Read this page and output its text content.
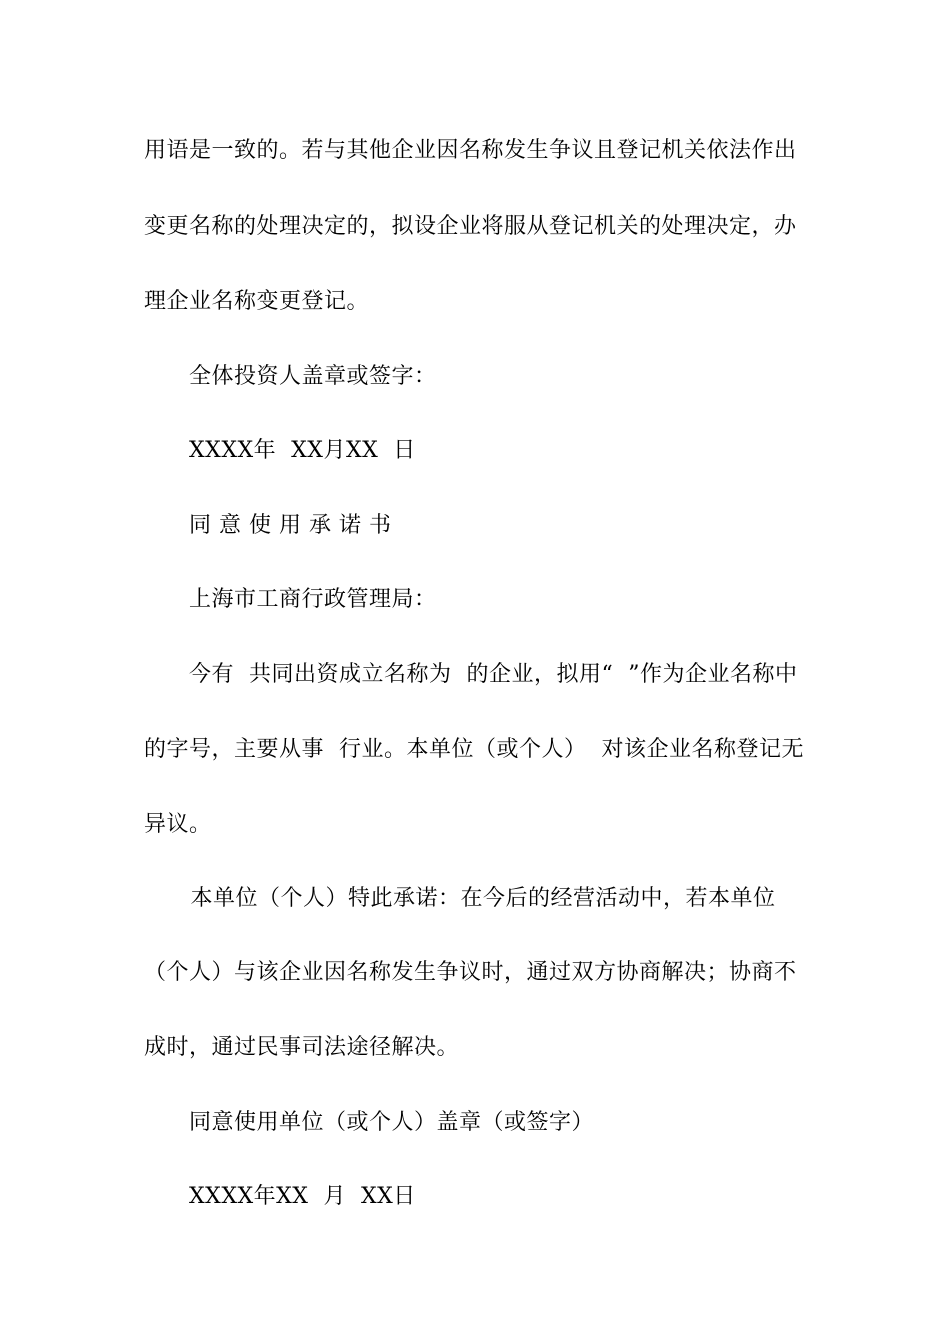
用语是一致的。若与其他企业因名称发生争议且登记机关依法作出
变更名称的处理决定的，拟设企业将服从登记机关的处理决定，办
理企业名称变更登记。
全体投资人盖章或签字：
XXXX年  XX月XX  日
同 意 使 用 承 诺 书
上海市工商行政管理局：
今有  共同出资成立名称为  的企业，拟用“  ”作为企业名称中
的字号，主要从事  行业。本单位（或个人）  对该企业名称登记无
异议。
本单位（个人）特此承诺：在今后的经营活动中，若本单位
（个人）与该企业因名称发生争议时，通过双方协商解决；协商不
成时，通过民事司法途径解决。
同意使用单位（或个人）盖章（或签字）
XXXX年XX  月  XX日
